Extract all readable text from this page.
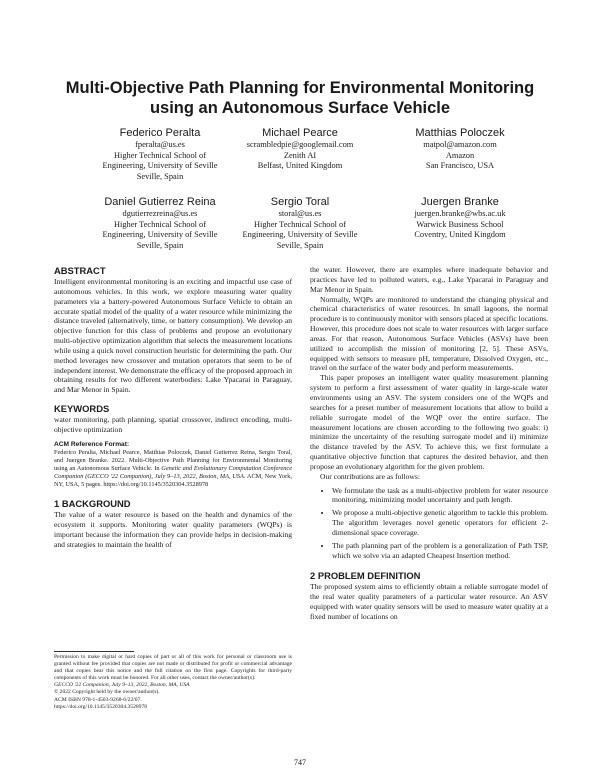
Multi-Objective Path Planning for Environmental Monitoring
using an Autonomous Surface Vehicle
Federico Peralta
fperalta@us.es
Higher Technical School of
Engineering, University of Seville
Seville, Spain
Michael Pearce
scrambledpie@googlemail.com
Zenith AI
Belfast, United Kingdom
Matthias Poloczek
matpol@amazon.com
Amazon
San Francisco, USA
Daniel Gutierrez Reina
dgutierrezreina@us.es
Higher Technical School of
Engineering, University of Seville
Seville, Spain
Sergio Toral
storal@us.es
Higher Technical School of
Engineering, University of Seville
Seville, Spain
Juergen Branke
juergen.branke@wbs.ac.uk
Warwick Business School
Coventry, United Kingdom

ABSTRACT

Intelligent environmental monitoring is an exciting and impactful use case of autonomous vehicles. In this work, we explore measuring water quality parameters via a battery-powered Autonomous Surface Vehicle to obtain an accurate spatial model of the quality of a water resource while minimizing the distance traveled (alternatively, time, or battery consumption). We develop an objective function for this class of problems and propose an evolutionary multi-objective optimization algorithm that selects the measurement locations while using a quick novel construction heuristic for determining the path. Our method leverages new crossover and mutation operators that seem to be of independent interest. We demonstrate the efficacy of the proposed approach in obtaining results for two different waterbodies: Lake Ypacarai in Paraguay, and Mar Menor in Spain.

KEYWORDS

water monitoring, path planning, spatial crossover, indirect encoding, multi-objective optimization

ACM Reference Format:

Federico Peralta, Michael Pearce, Matthias Poloczek, Daniel Gutierrez Reina, Sergio Toral, and Juergen Branke. 2022. Multi-Objective Path Planning for Environmental Monitoring using an Autonomous Surface Vehicle. In Genetic and Evolutionary Computation Conference Companion (GECCO '22 Companion), July 9–13, 2022, Boston, MA, USA. ACM, New York, NY, USA, 5 pages. https://doi.org/10.1145/3520304.3528978

1 BACKGROUND

The value of a water resource is based on the health and dynamics of the ecosystem it supports. Monitoring water quality parameters (WQPs) is important because the information they can provide helps in decision-making and strategies to maintain the health of

Permission to make digital or hard copies of part or all of this work for personal or classroom use is granted without fee provided that copies are not made or distributed for profit or commercial advantage and that copies bear this notice and the full citation on the first page. Copyrights for third-party components of this work must be honored. For all other uses, contact the owner/author(s).

GECCO '22 Companion, July 9–13, 2022, Boston, MA, USA

© 2022 Copyright held by the owner/author(s).

ACM ISBN 978-1-4503-9268-6/22/07.

https://doi.org/10.1145/3520304.3528978

the water. However, there are examples where inadequate behavior and practices have led to polluted waters, e.g., Lake Ypacarai in Paraguay and Mar Menor in Spain.

Normally, WQPs are monitored to understand the changing physical and chemical characteristics of water resources. In small lagoons, the normal procedure is to continuously monitor with sensors placed at specific locations. However, this procedure does not scale to water resources with larger surface areas. For that reason, Autonomous Surface Vehicles (ASVs) have been utilized to accomplish the mission of monitoring [2, 5]. These ASVs, equipped with sensors to measure pH, temperature, Dissolved Oxygen, etc., travel on the surface of the water body and perform measurements.

This paper proposes an intelligent water quality measurement planning system to perform a first assessment of water quality in large-scale water environments using an ASV. The system considers one of the WQPs and searches for a preset number of measurement locations that allow to build a reliable surrogate model of the WQP over the entire surface. The measurement locations are chosen according to the following two goals: i) minimize the uncertainty of the resulting surrogate model and ii) minimize the distance traveled by the ASV. To achieve this, we first formulate a quantitative objective function that captures the desired behavior, and then propose an evolutionary algorithm for the given problem.

Our contributions are as follows:

• We formulate the task as a multi-objective problem for water resource monitoring, minimizing model uncertainty and path length.
• We propose a multi-objective genetic algorithm to tackle this problem. The algorithm leverages novel genetic operators for efficient 2-dimensional space coverage.
• The path planning part of the problem is a generalization of Path TSP, which we solve via an adapted Cheapest Insertion method.

2 PROBLEM DEFINITION

The proposed system aims to efficiently obtain a reliable surrogate model of the real water quality parameters of a particular water resource. An ASV equipped with water quality sensors will be used to measure water quality at a fixed number of locations on

747
